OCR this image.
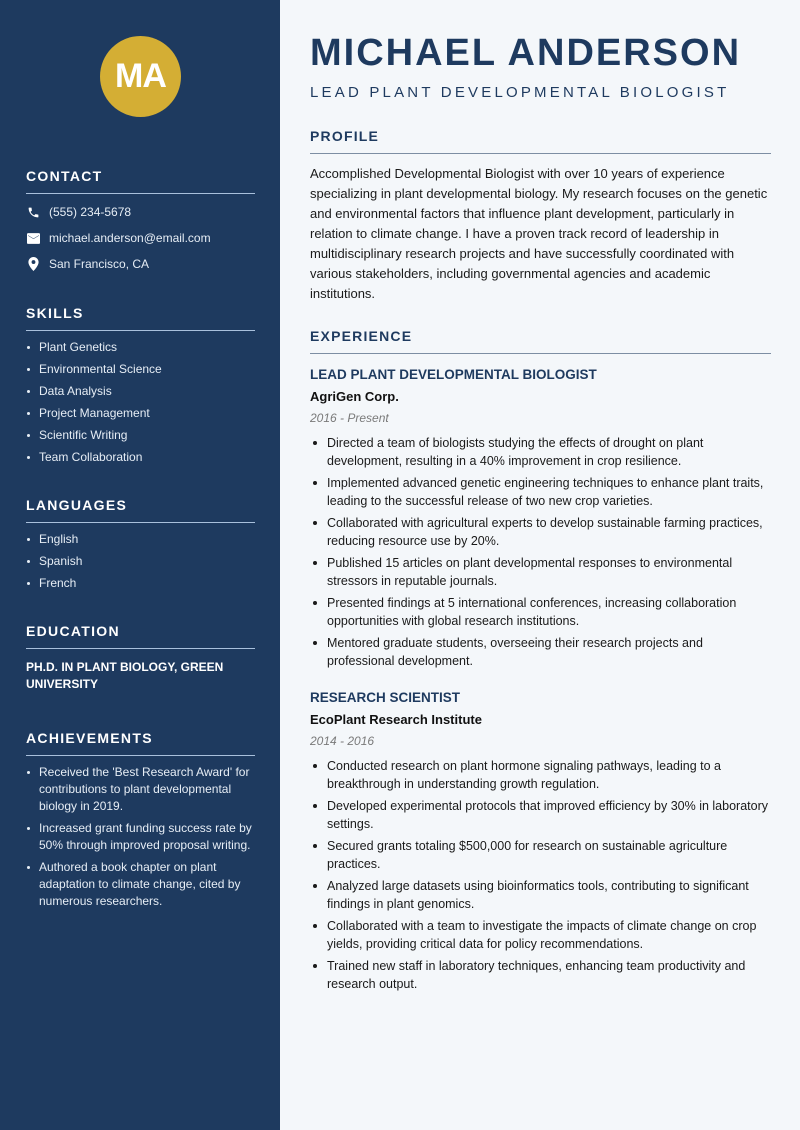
MA
CONTACT
(555) 234-5678
michael.anderson@email.com
San Francisco, CA
SKILLS
Plant Genetics
Environmental Science
Data Analysis
Project Management
Scientific Writing
Team Collaboration
LANGUAGES
English
Spanish
French
EDUCATION
PH.D. IN PLANT BIOLOGY, GREEN UNIVERSITY
ACHIEVEMENTS
Received the 'Best Research Award' for contributions to plant developmental biology in 2019.
Increased grant funding success rate by 50% through improved proposal writing.
Authored a book chapter on plant adaptation to climate change, cited by numerous researchers.
MICHAEL ANDERSON
LEAD PLANT DEVELOPMENTAL BIOLOGIST
PROFILE

Accomplished Developmental Biologist with over 10 years of experience specializing in plant developmental biology. My research focuses on the genetic and environmental factors that influence plant development, particularly in relation to climate change. I have a proven track record of leadership in multidisciplinary research projects and have successfully coordinated with various stakeholders, including governmental agencies and academic institutions.

EXPERIENCE
LEAD PLANT DEVELOPMENTAL BIOLOGIST
AgriGen Corp.
2016 - Present
Directed a team of biologists studying the effects of drought on plant development, resulting in a 40% improvement in crop resilience.
Implemented advanced genetic engineering techniques to enhance plant traits, leading to the successful release of two new crop varieties.
Collaborated with agricultural experts to develop sustainable farming practices, reducing resource use by 20%.
Published 15 articles on plant developmental responses to environmental stressors in reputable journals.
Presented findings at 5 international conferences, increasing collaboration opportunities with global research institutions.
Mentored graduate students, overseeing their research projects and professional development.
RESEARCH SCIENTIST
EcoPlant Research Institute
2014 - 2016
Conducted research on plant hormone signaling pathways, leading to a breakthrough in understanding growth regulation.
Developed experimental protocols that improved efficiency by 30% in laboratory settings.
Secured grants totaling $500,000 for research on sustainable agriculture practices.
Analyzed large datasets using bioinformatics tools, contributing to significant findings in plant genomics.
Collaborated with a team to investigate the impacts of climate change on crop yields, providing critical data for policy recommendations.
Trained new staff in laboratory techniques, enhancing team productivity and research output.
